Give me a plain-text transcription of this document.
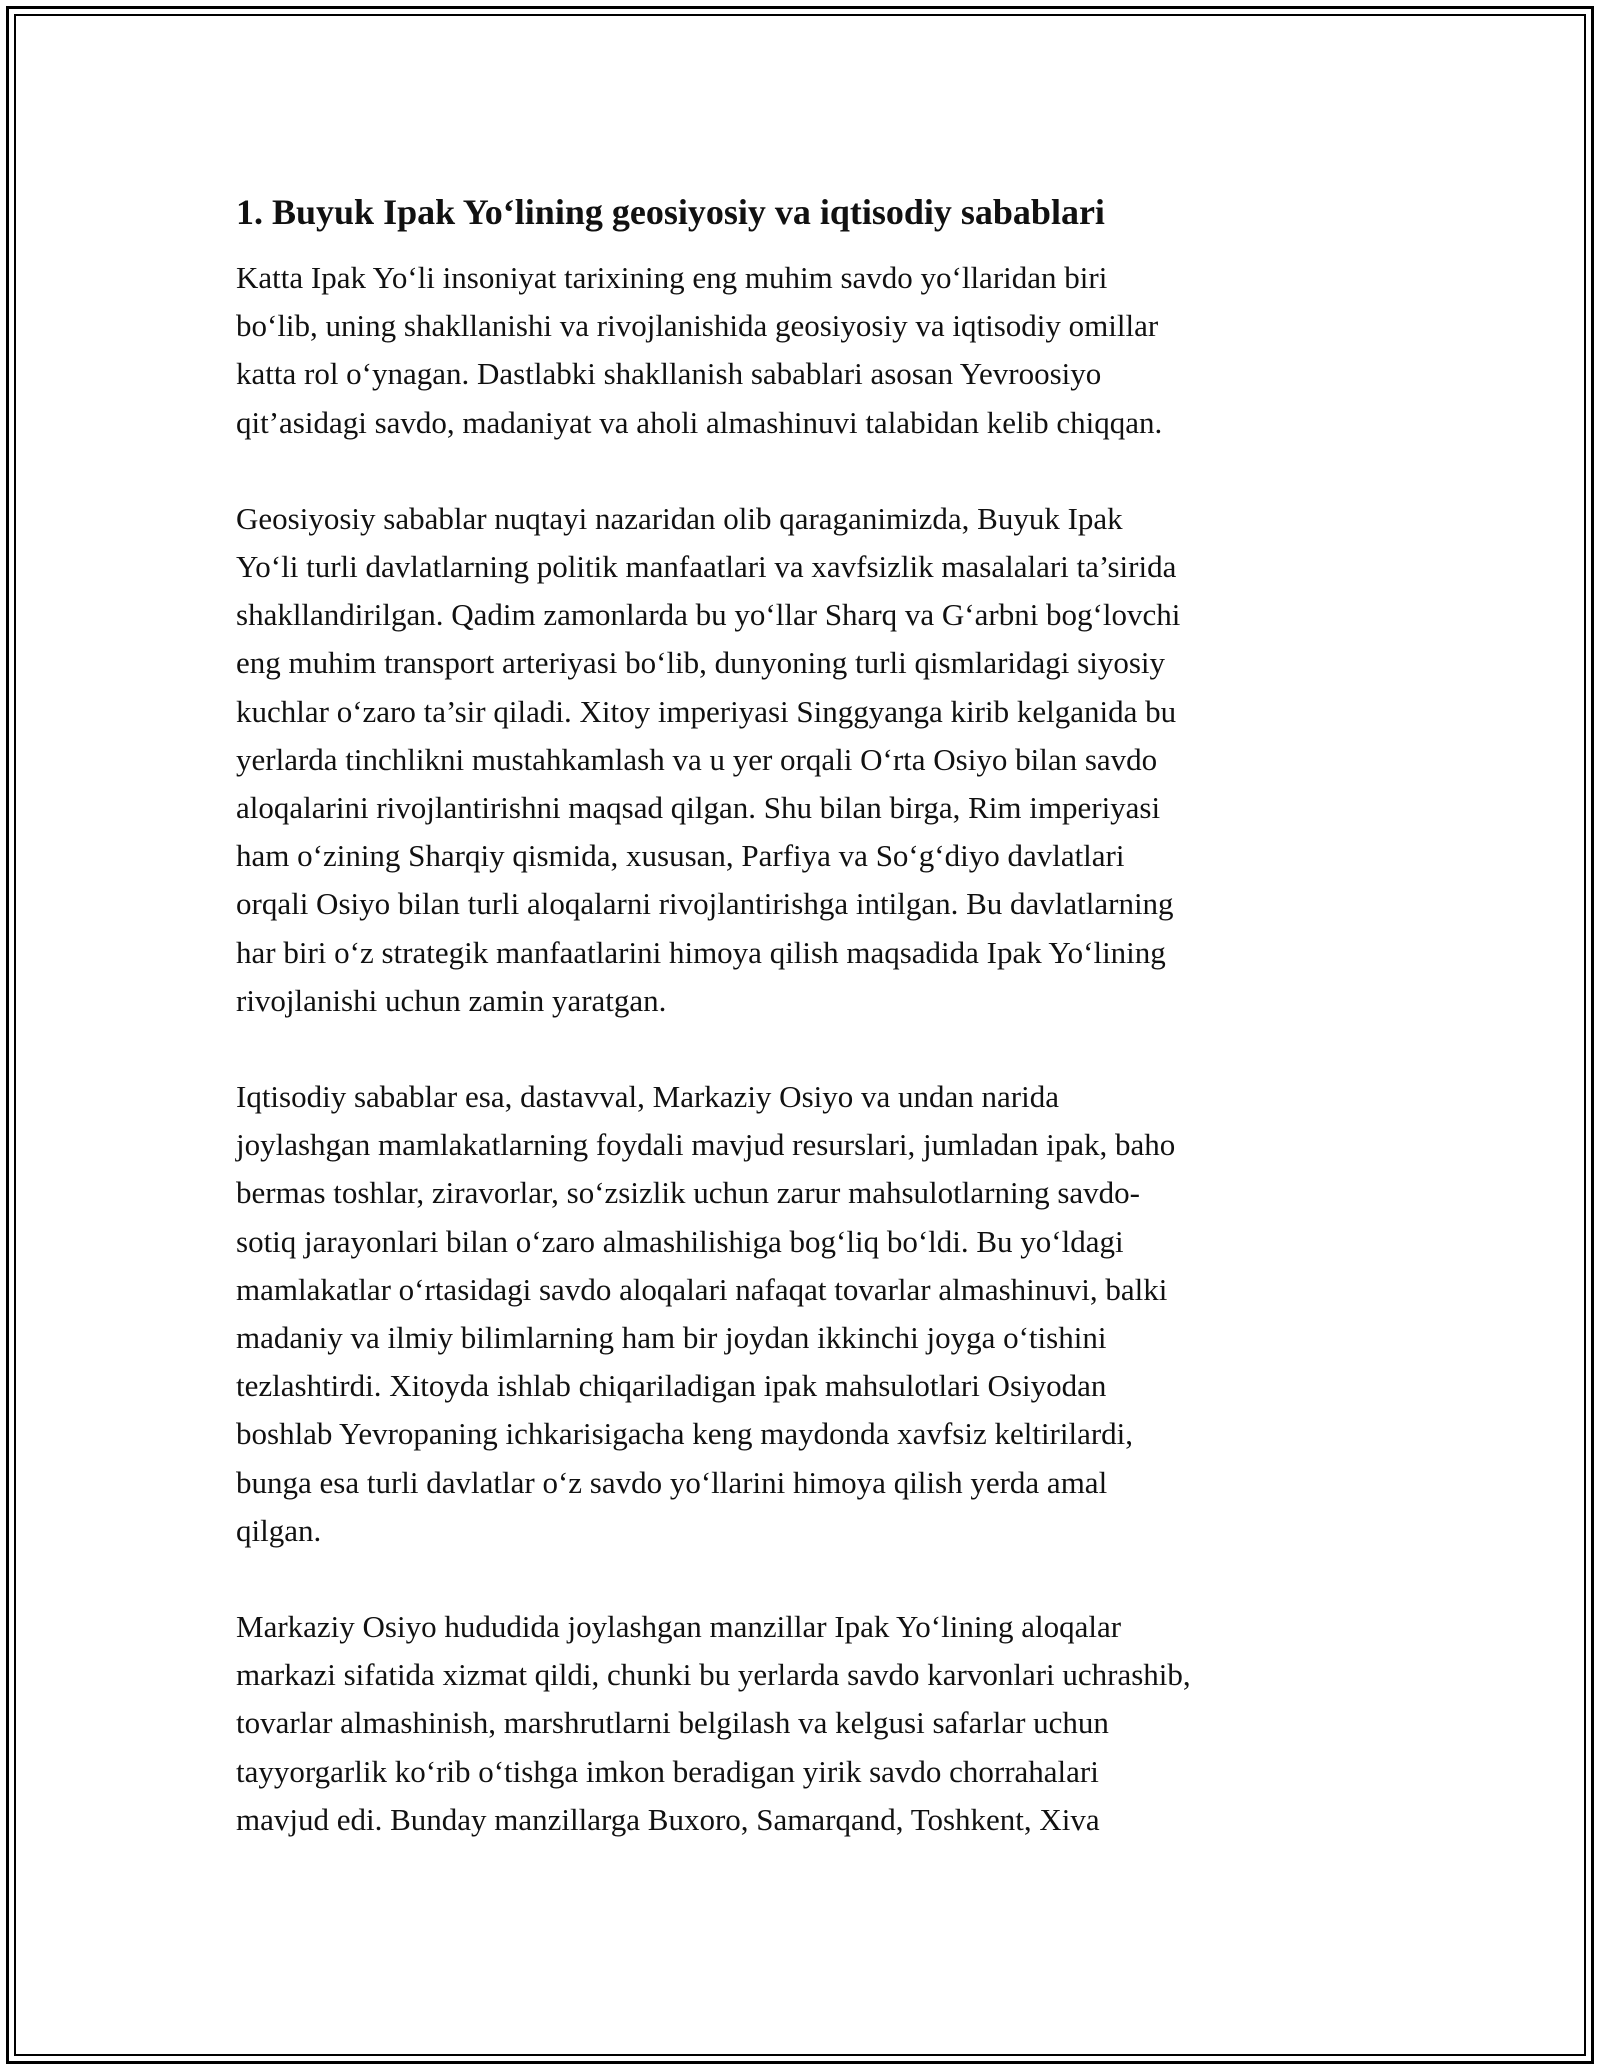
1. Buyuk Ipak Yo‘lining geosiyosiy va iqtisodiy sabablari
Katta Ipak Yo‘li insoniyat tarixining eng muhim savdo yo‘llaridan biri
bo‘lib, uning shakllanishi va rivojlanishida geosiyosiy va iqtisodiy omillar
katta rol o‘ynagan. Dastlabki shakllanish sabablari asosan Yevroosiyo
qit’asidagi savdo, madaniyat va aholi almashinuvi talabidan kelib chiqqan.
Geosiyosiy sabablar nuqtayi nazaridan olib qaraganimizda, Buyuk Ipak
Yo‘li turli davlatlarning politik manfaatlari va xavfsizlik masalalari ta’sirida
shakllandirilgan. Qadim zamonlarda bu yo‘llar Sharq va G‘arbni bog‘lovchi
eng muhim transport arteriyasi bo‘lib, dunyoning turli qismlaridagi siyosiy
kuchlar o‘zaro ta’sir qiladi. Xitoy imperiyasi Singgyanga kirib kelganida bu
yerlarda tinchlikni mustahkamlash va u yer orqali O‘rta Osiyo bilan savdo
aloqalarini rivojlantirishni maqsad qilgan. Shu bilan birga, Rim imperiyasi
ham o‘zining Sharqiy qismida, xususan, Parfiya va So‘g‘diyo davlatlari
orqali Osiyo bilan turli aloqalarni rivojlantirishga intilgan. Bu davlatlarning
har biri o‘z strategik manfaatlarini himoya qilish maqsadida Ipak Yo‘lining
rivojlanishi uchun zamin yaratgan.
Iqtisodiy sabablar esa, dastavval, Markaziy Osiyo va undan narida
joylashgan mamlakatlarning foydali mavjud resurslari, jumladan ipak, baho
bermas toshlar, ziravorlar, so‘zsizlik uchun zarur mahsulotlarning savdo-
sotiq jarayonlari bilan o‘zaro almashilishiga bog‘liq bo‘ldi. Bu yo‘ldagi
mamlakatlar o‘rtasidagi savdo aloqalari nafaqat tovarlar almashinuvi, balki
madaniy va ilmiy bilimlarning ham bir joydan ikkinchi joyga o‘tishini
tezlashtirdi. Xitoyda ishlab chiqariladigan ipak mahsulotlari Osiyodan
boshlab Yevropaning ichkarisigacha keng maydonda xavfsiz keltirilardi,
bunga esa turli davlatlar o‘z savdo yo‘llarini himoya qilish yerda amal
qilgan.
Markaziy Osiyo hududida joylashgan manzillar Ipak Yo‘lining aloqalar
markazi sifatida xizmat qildi, chunki bu yerlarda savdo karvonlari uchrashib,
tovarlar almashinish, marshrutlarni belgilash va kelgusi safarlar uchun
tayyorgarlik ko‘rib o‘tishga imkon beradigan yirik savdo chorrahalari
mavjud edi. Bunday manzillarga Buxoro, Samarqand, Toshkent, Xiva
